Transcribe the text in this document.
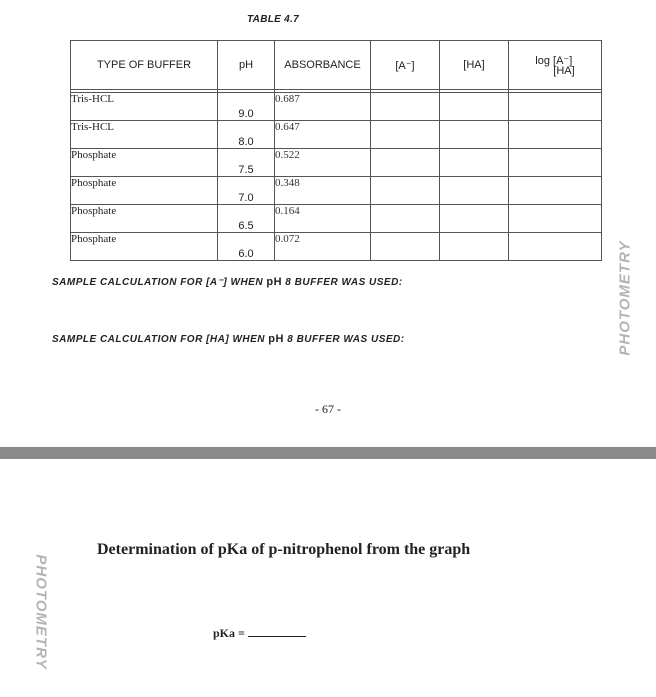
TABLE 4.7
TYPE OF BUFFER	pH	ABSORBANCE	[A⁻]	[HA]	log [A⁻]
[HA]

Tris-HCL	9.0	0.687			
Tris-HCL	8.0	0.647			
Phosphate	7.5	0.522			
Phosphate	7.0	0.348			
Phosphate	6.5	0.164			
Phosphate	6.0	0.072			
SAMPLE CALCULATION FOR [A⁻] WHEN pH 8 BUFFER WAS USED:
SAMPLE CALCULATION FOR [HA] WHEN pH 8 BUFFER WAS USED:
- 67 -
PHOTOMETRY
PHOTOMETRY
Determination of pKa of p-nitrophenol from the graph
pKa =
